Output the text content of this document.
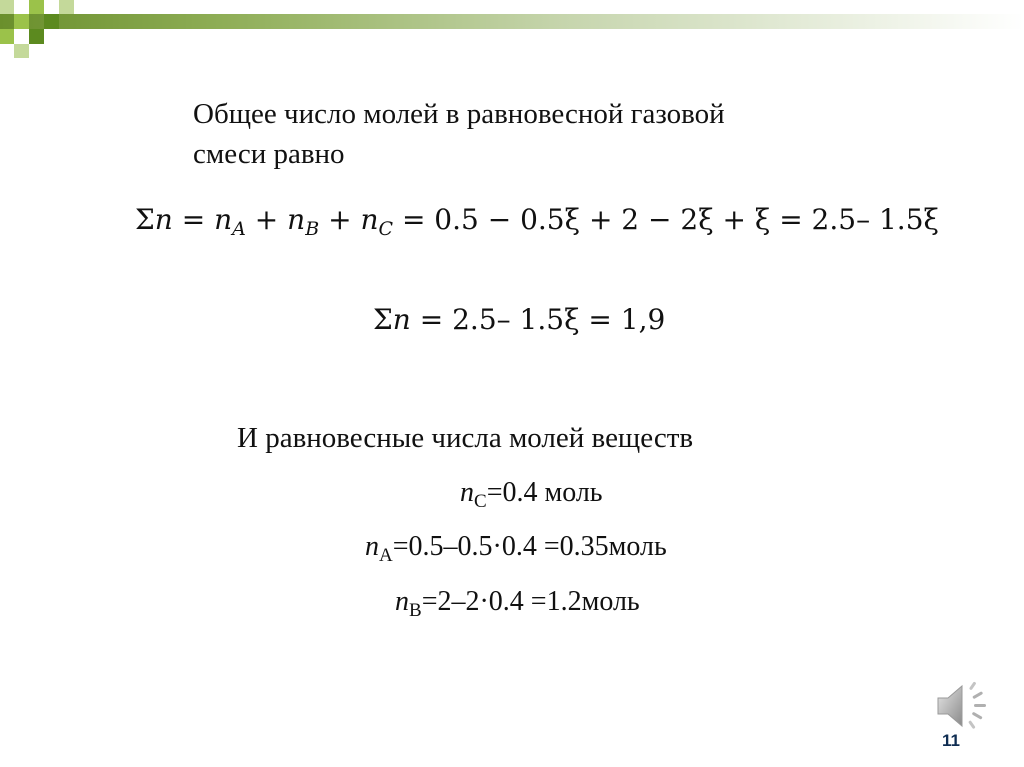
Общее число молей в равновесной газовой
смеси равно
$\Sigma n = n_A + n_B + n_C = 0.5 - 0.5\xi + 2 - 2\xi + \xi = 2.5-$ 1.5ξ
Σn = 2.5– 1.5ξ = 1,9
И равновесные числа молей веществ
$n_C=0.4$ моль
$n_A=0.5-0.5\cdot 0.4$ =0.35моль
$n_B=2-2\cdot 0.4$ =1.2моль
11
